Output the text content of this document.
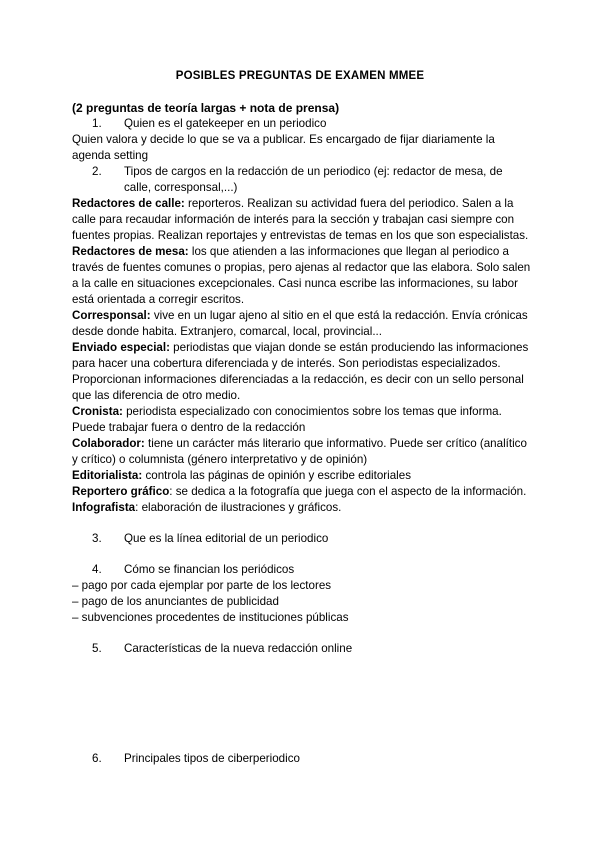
POSIBLES PREGUNTAS DE EXAMEN MMEE
(2 preguntas de teoría largas + nota de prensa)
1. Quien es el gatekeeper en un periodico

Quien valora y decide lo que se va a publicar. Es encargado de fijar diariamente la agenda setting

2. Tipos de cargos en la redacción de un periodico (ej: redactor de mesa, de calle, corresponsal,...)

Redactores de calle: reporteros. Realizan su actividad fuera del periodico. Salen a la calle para recaudar información de interés para la sección y trabajan casi siempre con fuentes propias. Realizan reportajes y entrevistas de temas en los que son especialistas.

Redactores de mesa: los que atienden a las informaciones que llegan al periodico a través de fuentes comunes o propias, pero ajenas al redactor que las elabora. Solo salen a la calle en situaciones excepcionales. Casi nunca escribe las informaciones, su labor está orientada a corregir escritos.

Corresponsal: vive en un lugar ajeno al sitio en el que está la redacción. Envía crónicas desde donde habita. Extranjero, comarcal, local, provincial...

Enviado especial: periodistas que viajan donde se están produciendo las informaciones para hacer una cobertura diferenciada y de interés. Son periodistas especializados. Proporcionan informaciones diferenciadas a la redacción, es decir con un sello personal que las diferencia de otro medio.

Cronista: periodista especializado con conocimientos sobre los temas que informa. Puede trabajar fuera o dentro de la redacción

Colaborador: tiene un carácter más literario que informativo. Puede ser crítico (analítico y crítico) o columnista (género interpretativo y de opinión)

Editorialista: controla las páginas de opinión y escribe editoriales

Reportero gráfico: se dedica a la fotografía que juega con el aspecto de la información.

Infografista: elaboración de ilustraciones y gráficos.

3. Que es la línea editorial de un periodico
4. Cómo se financian los periódicos

– pago por cada ejemplar por parte de los lectores

– pago de los anunciantes de publicidad

– subvenciones procedentes de instituciones públicas

5. Características de la nueva redacción online
6. Principales tipos de ciberperiodico
